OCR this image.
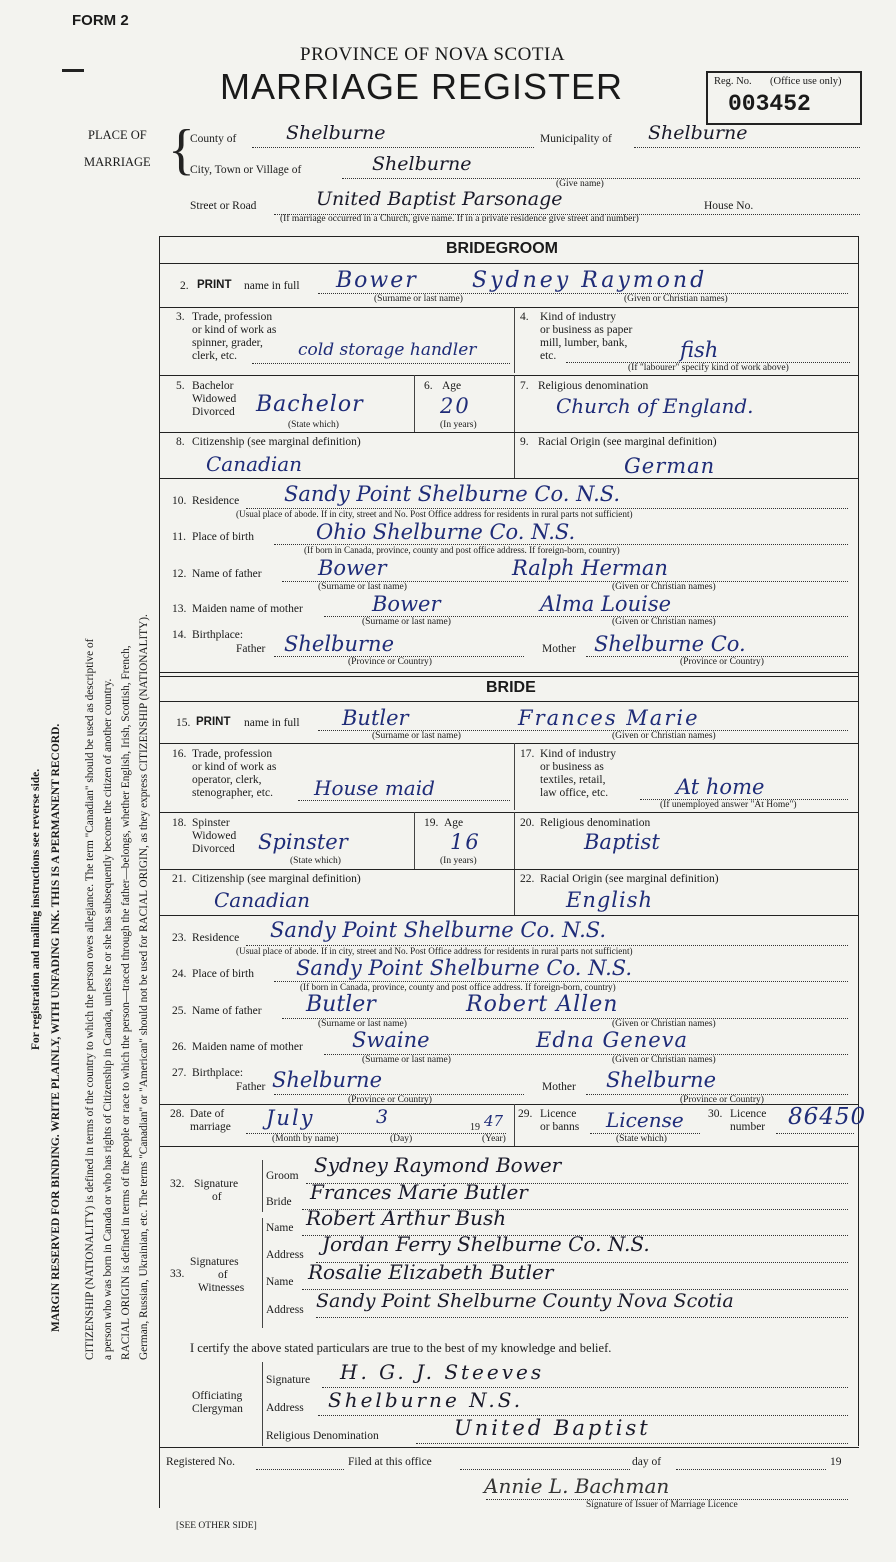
FORM 2
PROVINCE OF NOVA SCOTIA
MARRIAGE REGISTER	Reg. No. (Office use only)
003452
PLACE OF
MARRIAGE {
County of	Shelburne	Municipality of Shelburne
City, Town or Village of	Shelburne
(Give name)
Street or Road	United Baptist Parsonage	House No.
(If marriage occurred in a Church, give name. If in a private residence give street and number)
For registration and mailing instructions see reverse side. MARGIN RESERVED FOR BINDING. WRITE PLAINLY, WITH UNFADING INK. THIS IS A PERMANENT RECORD. CITIZENSHIP (NATIONALITY) is defined in terms of the country to which the person owes allegiance. The term "Canadian" should be used as descriptive of a person who was born in Canada or who has rights of Citizenship in Canada, unless he or she has subsequently become the citizen of another country. RACIAL ORIGIN is defined in terms of the people or race to which the person—traced through the father—belongs, whether English, Irish, Scottish, French, German, Russian, Ukrainian, etc. The terms "Canadian" or "American" should not be used for RACIAL ORIGIN, as they express CITIZENSHIP (NATIONALITY).
BRIDEGROOM
2. PRINT name in full Bower Sydney Raymond
(Surname or last name)	(Given or Christian names)
3. Trade, profession
or kind of work as
spinner, grader,
clerk, etc.	cold storage handler
4. Kind of industry
or business as paper
mill, lumber, bank,
etc.	fish
(If "labourer" specify kind of work above)
5. Bachelor
Widowed
Divorced Bachelor
(State which)
6. Age
20
(In years)
7. Religious denomination
Church of England.
8. Citizenship (see marginal definition)
Canadian
9. Racial Origin (see marginal definition)
German
10. Residence Sandy Point Shelburne Co. N.S.
(Usual place of abode. If in city, street and No. Post Office address for residents in rural parts not sufficient)
11. Place of birth	Ohio Shelburne Co. N.S.
(If born in Canada, province, county and post office address. If foreign-born, country)
12. Name of father	Bower	Ralph Herman
(Surname or last name)	(Given or Christian names)
13. Maiden name of mother	Bower	Alma Louise
(Surname or last name)	(Given or Christian names)
14. Birthplace:
Father Shelburne
(Province or Country)
Mother Shelburne Co.
(Province or Country)
BRIDE
15. PRINT name in full Butler	Frances Marie
(Surname or last name)	(Given or Christian names)
16. Trade, profession
or kind of work as
operator, clerk,
stenographer, etc. House maid
17. Kind of industry
or business as
textiles, retail,
law office, etc.	At home
(If unemployed answer "At Home")
18. Spinster
Widowed
Divorced Spinster
(State which)
19. Age
16
(In years)
20. Religious denomination
Baptist
21. Citizenship (see marginal definition)
Canadian
22. Racial Origin (see marginal definition)
English
23. Residence Sandy Point Shelburne Co. N.S.
(Usual place of abode. If in city, street and No. Post Office address for residents in rural parts not sufficient)
24. Place of birth Sandy Point Shelburne Co. N.S.
(If born in Canada, province, county and post office address. If foreign-born, country)
25. Name of father Butler	Robert Allen
(Surname or last name)	(Given or Christian names)
26. Maiden name of mother Swaine	Edna Geneva
(Surname or last name)	(Given or Christian names)
27. Birthplace:
Father Shelburne
(Province or Country)
Mother Shelburne
(Province or Country)
28. Date of
marriage July	3	19 47
(Month by name)	(Day)	(Year)
29. Licence
or banns License
(State which)
30. Licence
number 86450
32. Signature
of
Groom Sydney Raymond Bower
Bride Frances Marie Butler
33.
Signatures
of
Witnesses
Name Robert Arthur Bush
Address Jordan Ferry Shelburne Co. N.S.
Name Rosalie Elizabeth Butler
Address Sandy Point Shelburne County Nova Scotia
I certify the above stated particulars are true to the best of my knowledge and belief.
Officiating
Clergyman
Signature H. G. J. Steeves
Address Shelburne N.S.
Religious Denomination	United Baptist
Registered No.	Filed at this office	day of	19
Annie L. Bachman
Signature of Issuer of Marriage Licence
[SEE OTHER SIDE]
